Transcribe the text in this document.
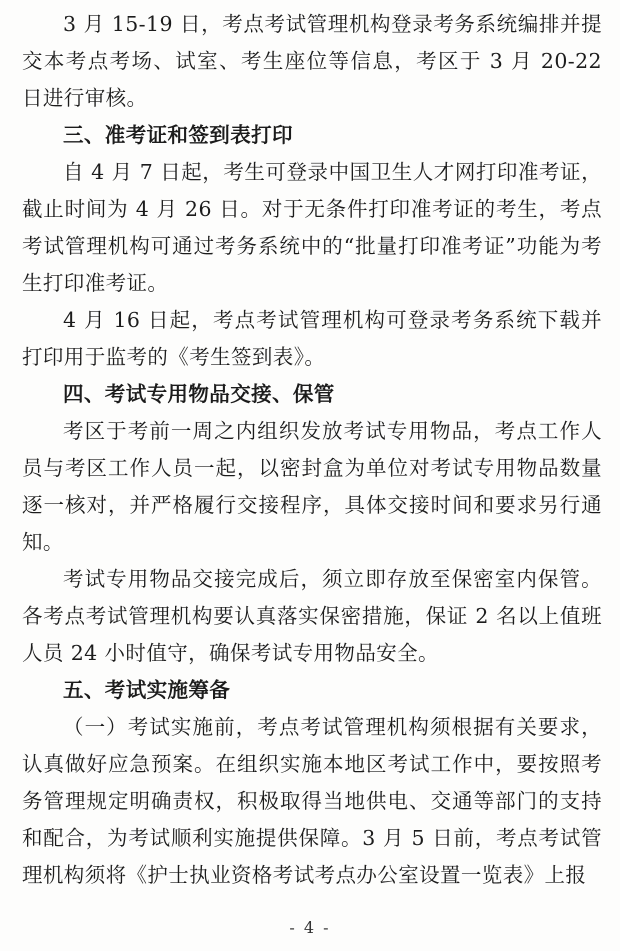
3 月 15-19 日，考点考试管理机构登录考务系统编排并提交本考点考场、试室、考生座位等信息，考区于 3 月 20-22 日进行审核。

三、准考证和签到表打印

自 4 月 7 日起，考生可登录中国卫生人才网打印准考证，截止时间为 4 月 26 日。对于无条件打印准考证的考生，考点考试管理机构可通过考务系统中的“批量打印准考证”功能为考生打印准考证。

4 月 16 日起，考点考试管理机构可登录考务系统下载并打印用于监考的《考生签到表》。

四、考试专用物品交接、保管

考区于考前一周之内组织发放考试专用物品，考点工作人员与考区工作人员一起，以密封盒为单位对考试专用物品数量逐一核对，并严格履行交接程序，具体交接时间和要求另行通知。

考试专用物品交接完成后，须立即存放至保密室内保管。各考点考试管理机构要认真落实保密措施，保证 2 名以上值班人员 24 小时值守，确保考试专用物品安全。

五、考试实施筹备

（一）考试实施前，考点考试管理机构须根据有关要求，认真做好应急预案。在组织实施本地区考试工作中，要按照考务管理规定明确责权，积极取得当地供电、交通等部门的支持和配合，为考试顺利实施提供保障。3 月 5 日前，考点考试管理机构须将《护士执业资格考试考点办公室设置一览表》上报

- 4 -
